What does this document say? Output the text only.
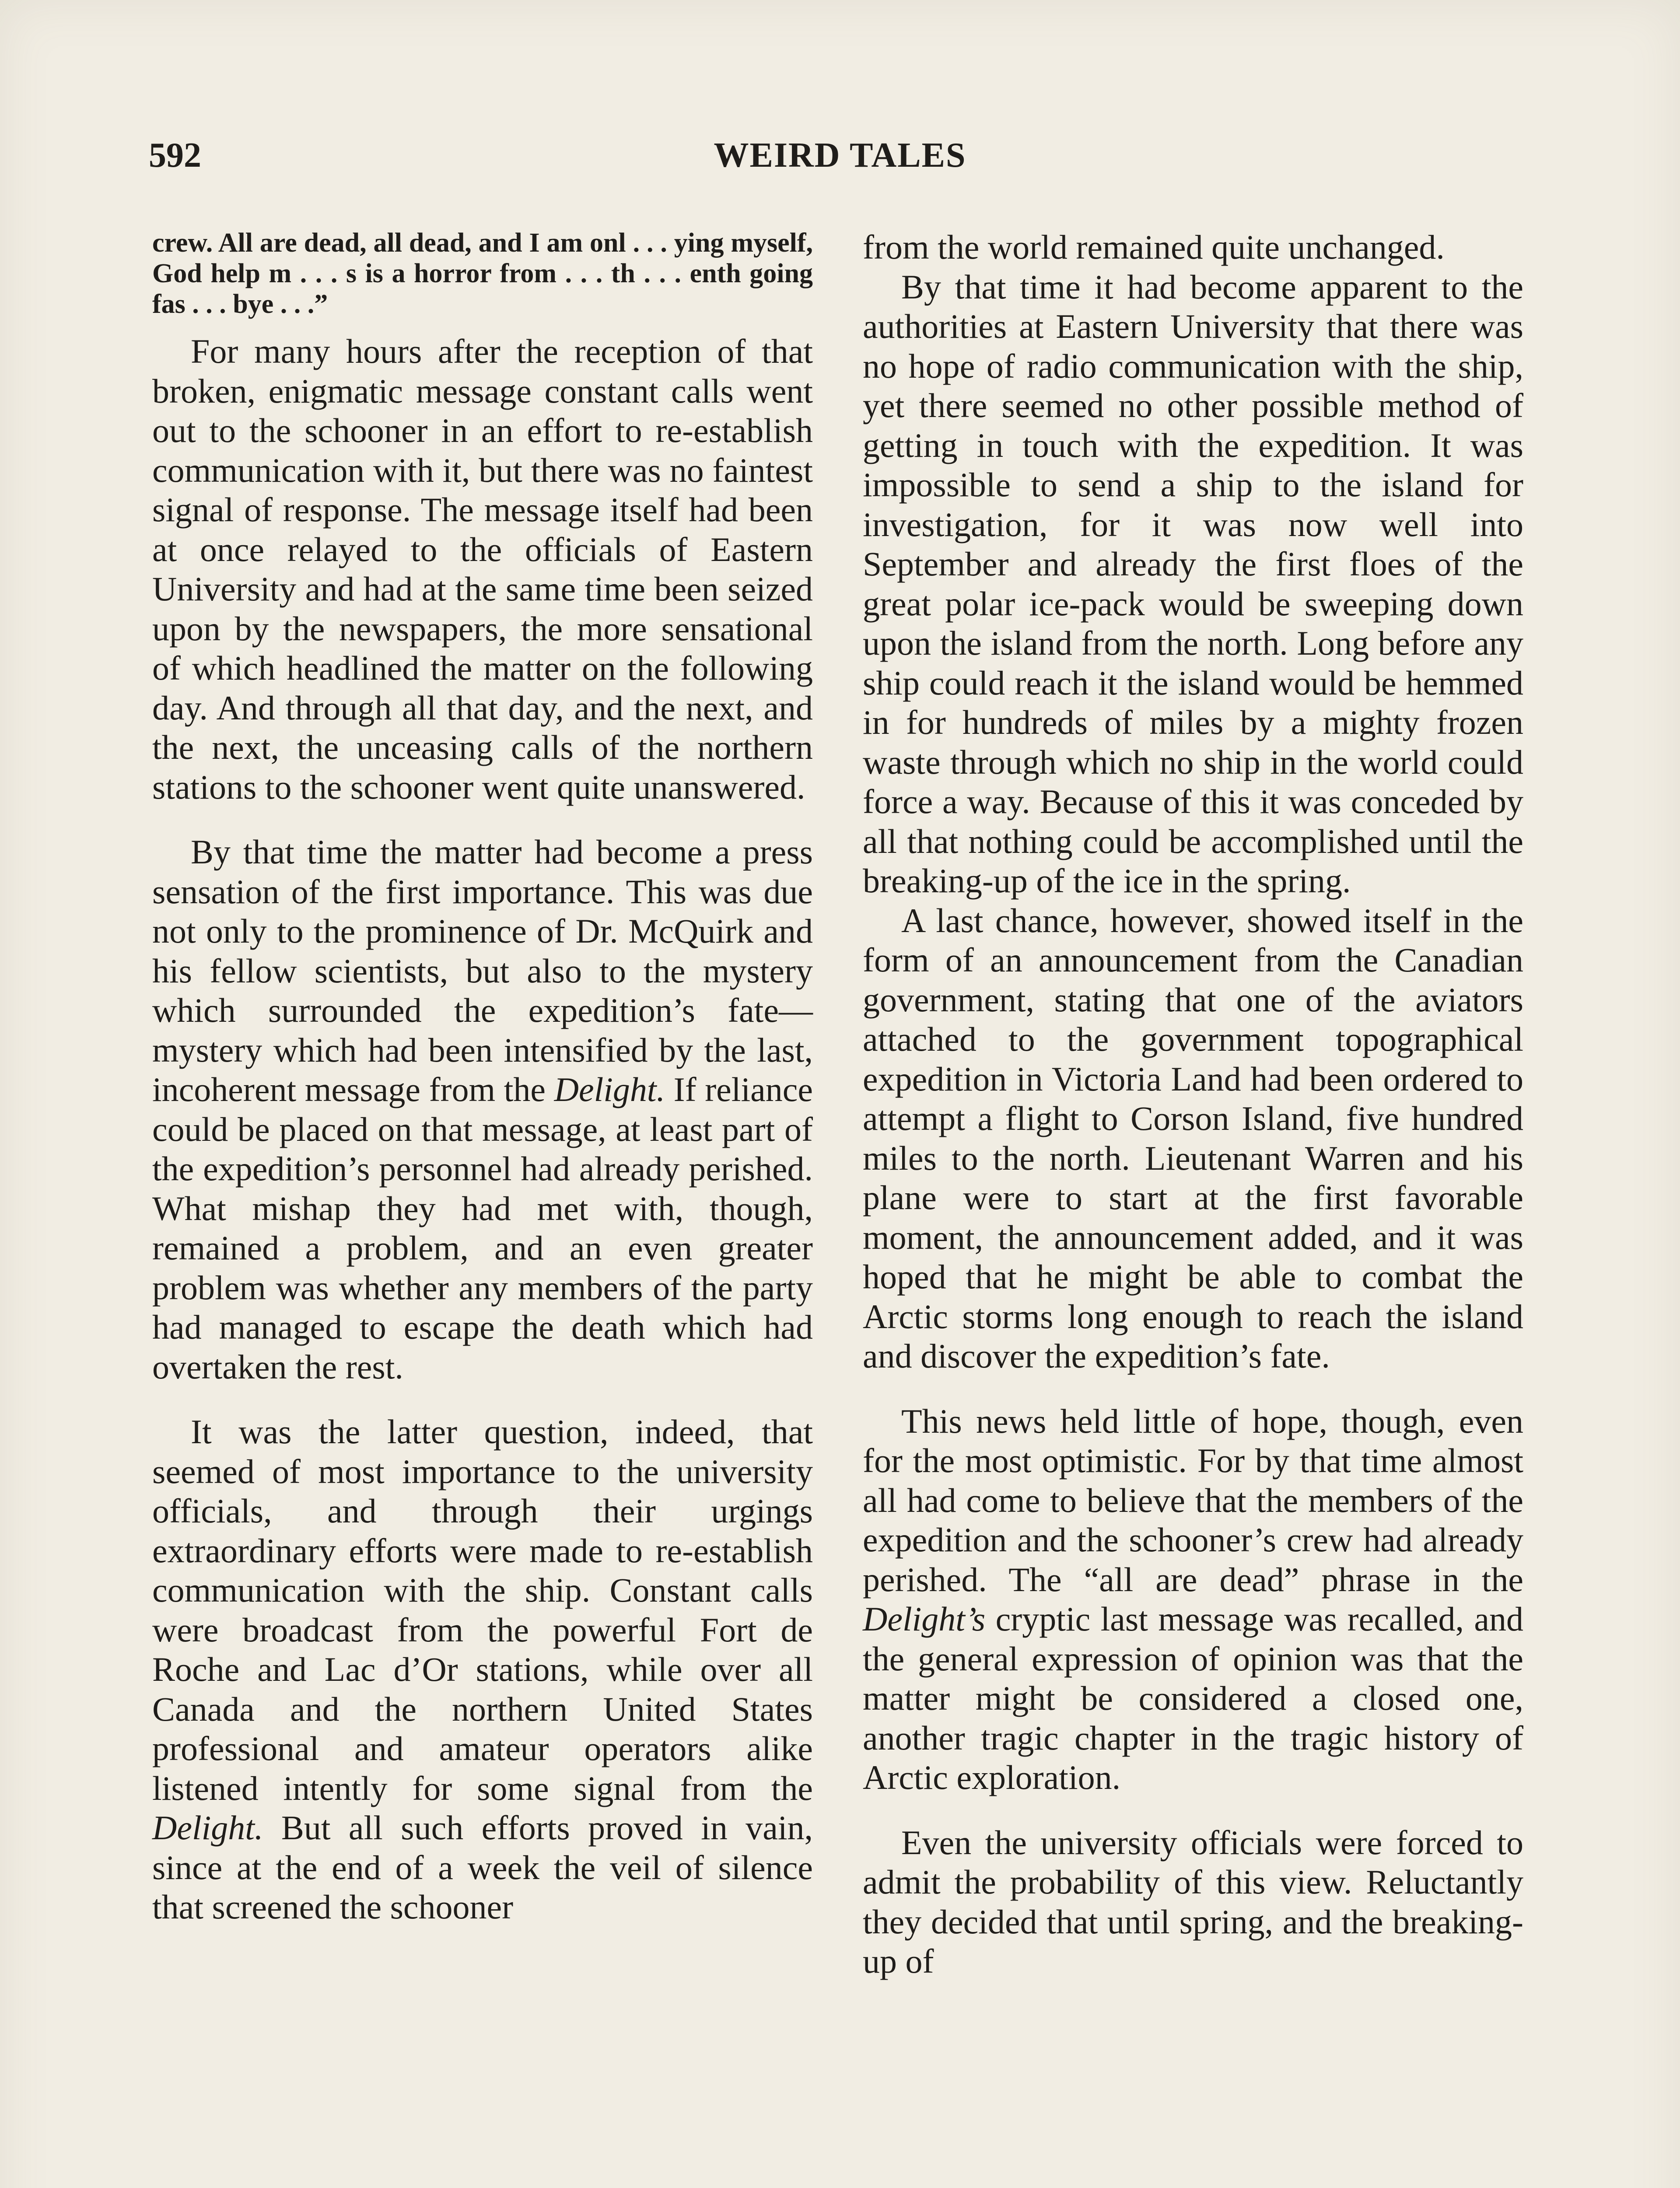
592	WEIRD TALES

crew. All are dead, all dead, and I am onl . . . ying myself, God help m . . . s is a horror from . . . th . . . enth going fas . . . bye . . .”

For many hours after the reception of that broken, enigmatic message constant calls went out to the schooner in an effort to re-establish communication with it, but there was no faintest signal of response. The message itself had been at once relayed to the officials of Eastern University and had at the same time been seized upon by the newspapers, the more sensational of which headlined the matter on the following day. And through all that day, and the next, and the next, the unceasing calls of the northern stations to the schooner went quite unanswered.

By that time the matter had become a press sensation of the first importance. This was due not only to the prominence of Dr. McQuirk and his fellow scientists, but also to the mystery which surrounded the expedition’s fate—mystery which had been intensified by the last, incoherent message from the Delight. If reliance could be placed on that message, at least part of the expedition’s personnel had already perished. What mishap they had met with, though, remained a problem, and an even greater problem was whether any members of the party had managed to escape the death which had overtaken the rest.

It was the latter question, indeed, that seemed of most importance to the university officials, and through their urgings extraordinary efforts were made to re-establish communication with the ship. Constant calls were broadcast from the powerful Fort de Roche and Lac d’Or stations, while over all Canada and the northern United States professional and amateur operators alike listened intently for some signal from the Delight. But all such efforts proved in vain, since at the end of a week the veil of silence that screened the schooner

from the world remained quite unchanged.

By that time it had become apparent to the authorities at Eastern University that there was no hope of radio communication with the ship, yet there seemed no other possible method of getting in touch with the expedition. It was impossible to send a ship to the island for investigation, for it was now well into September and already the first floes of the great polar ice-pack would be sweeping down upon the island from the north. Long before any ship could reach it the island would be hemmed in for hundreds of miles by a mighty frozen waste through which no ship in the world could force a way. Because of this it was conceded by all that nothing could be accomplished until the breaking-up of the ice in the spring.

A last chance, however, showed itself in the form of an announcement from the Canadian government, stating that one of the aviators attached to the government topographical expedition in Victoria Land had been ordered to attempt a flight to Corson Island, five hundred miles to the north. Lieutenant Warren and his plane were to start at the first favorable moment, the announcement added, and it was hoped that he might be able to combat the Arctic storms long enough to reach the island and discover the expedition’s fate.

This news held little of hope, though, even for the most optimistic. For by that time almost all had come to believe that the members of the expedition and the schooner’s crew had already perished. The “all are dead” phrase in the Delight’s cryptic last message was recalled, and the general expression of opinion was that the matter might be considered a closed one, another tragic chapter in the tragic history of Arctic exploration.

Even the university officials were forced to admit the probability of this view. Reluctantly they decided that until spring, and the breaking-up of
